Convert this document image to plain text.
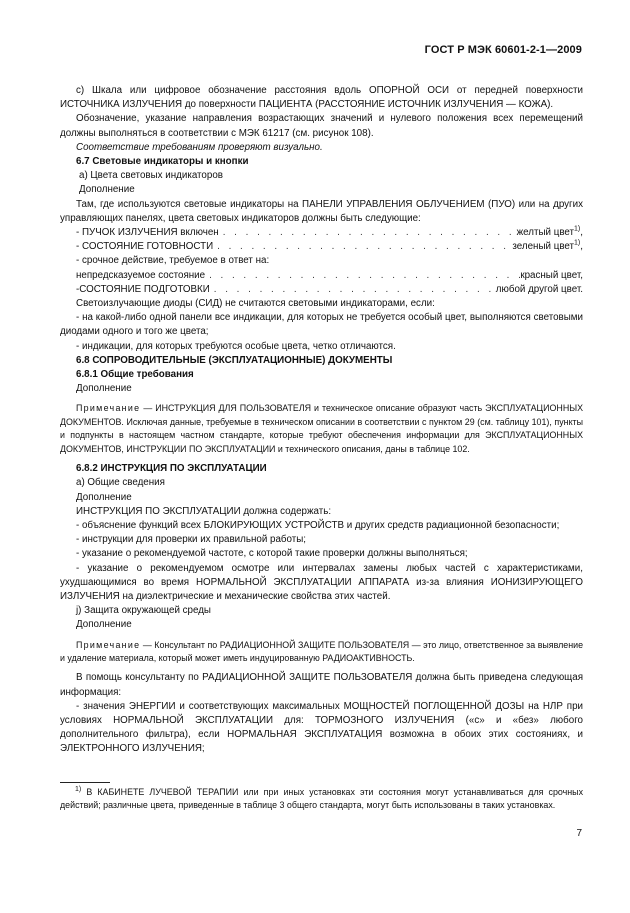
ГОСТ Р МЭК 60601-2-1—2009

с) Шкала или цифровое обозначение расстояния вдоль ОПОРНОЙ ОСИ от передней поверхности ИСТОЧНИКА ИЗЛУЧЕНИЯ до поверхности ПАЦИЕНТА (РАССТОЯНИЕ ИСТОЧНИК ИЗЛУЧЕНИЯ — КОЖА).

Обозначение, указание направления возрастающих значений и нулевого положения всех перемещений должны выполняться в соответствии с МЭК 61217 (см. рисунок 108).

Соответствие требованиям проверяют визуально.

6.7 Световые индикаторы и кнопки

а) Цвета световых индикаторов

Дополнение

Там, где используются световые индикаторы на ПАНЕЛИ УПРАВЛЕНИЯ ОБЛУЧЕНИЕМ (ПУО) или на других управляющих панелях, цвета световых индикаторов должны быть следующие:

- ПУЧОК ИЗЛУЧЕНИЯ включен . . .	желтый цвет$^{1)}$,
- СОСТОЯНИЕ ГОТОВНОСТИ . . .	зеленый цвет$^{1)}$,

- срочное действие, требуемое в ответ на:

непредсказуемое состояние . . .	красный цвет,
-СОСТОЯНИЕ ПОДГОТОВКИ . . .	любой другой цвет.

Светоизлучающие диоды (СИД) не считаются световыми индикаторами, если:

- на какой-либо одной панели все индикации, для которых не требуется особый цвет, выполняются световыми диодами одного и того же цвета;

- индикации, для которых требуются особые цвета, четко отличаются.

6.8 СОПРОВОДИТЕЛЬНЫЕ (ЭКСПЛУАТАЦИОННЫЕ) ДОКУМЕНТЫ

6.8.1 Общие требования

Дополнение

Примечание — ИНСТРУКЦИЯ ДЛЯ ПОЛЬЗОВАТЕЛЯ и техническое описание образуют часть ЭКСПЛУАТАЦИОННЫХ ДОКУМЕНТОВ. Исключая данные, требуемые в техническом описании в соответствии с пунктом 29 (см. таблицу 101), пункты и подпункты в настоящем частном стандарте, которые требуют обеспечения информации для ЭКСПЛУАТАЦИОННЫХ ДОКУМЕНТОВ, ИНСТРУКЦИИ ПО ЭКСПЛУАТАЦИИ и технического описания, даны в таблице 102.

6.8.2 ИНСТРУКЦИЯ ПО ЭКСПЛУАТАЦИИ

а) Общие сведения

Дополнение

ИНСТРУКЦИЯ ПО ЭКСПЛУАТАЦИИ должна содержать:

- объяснение функций всех БЛОКИРУЮЩИХ УСТРОЙСТВ и других средств радиационной безопасности;

- инструкции для проверки их правильной работы;

- указание о рекомендуемой частоте, с которой такие проверки должны выполняться;

- указание о рекомендуемом осмотре или интервалах замены любых частей с характеристиками, ухудшающимися во время НОРМАЛЬНОЙ ЭКСПЛУАТАЦИИ АППАРАТА из-за влияния ИОНИЗИРУЮЩЕГО ИЗЛУЧЕНИЯ на диэлектрические и механические свойства этих частей.

j) Защита окружающей среды

Дополнение

Примечание — Консультант по РАДИАЦИОННОЙ ЗАЩИТЕ ПОЛЬЗОВАТЕЛЯ — это лицо, ответственное за выявление и удаление материала, который может иметь индуцированную РАДИОАКТИВНОСТЬ.

В помощь консультанту по РАДИАЦИОННОЙ ЗАЩИТЕ ПОЛЬЗОВАТЕЛЯ должна быть приведена следующая информация:

- значения ЭНЕРГИИ и соответствующих максимальных МОЩНОСТЕЙ ПОГЛОЩЕННОЙ ДОЗЫ на НЛР при условиях НОРМАЛЬНОЙ ЭКСПЛУАТАЦИИ для: ТОРМОЗНОГО ИЗЛУЧЕНИЯ («с» и «без» любого дополнительного фильтра), если НОРМАЛЬНАЯ ЭКСПЛУАТАЦИЯ возможна в обоих этих состояниях, и ЭЛЕКТРОННОГО ИЗЛУЧЕНИЯ;

$^{1)}$ В КАБИНЕТЕ ЛУЧЕВОЙ ТЕРАПИИ или при иных установках эти состояния могут устанавливаться для срочных действий; различные цвета, приведенные в таблице 3 общего стандарта, могут быть использованы в таких установках.

7
